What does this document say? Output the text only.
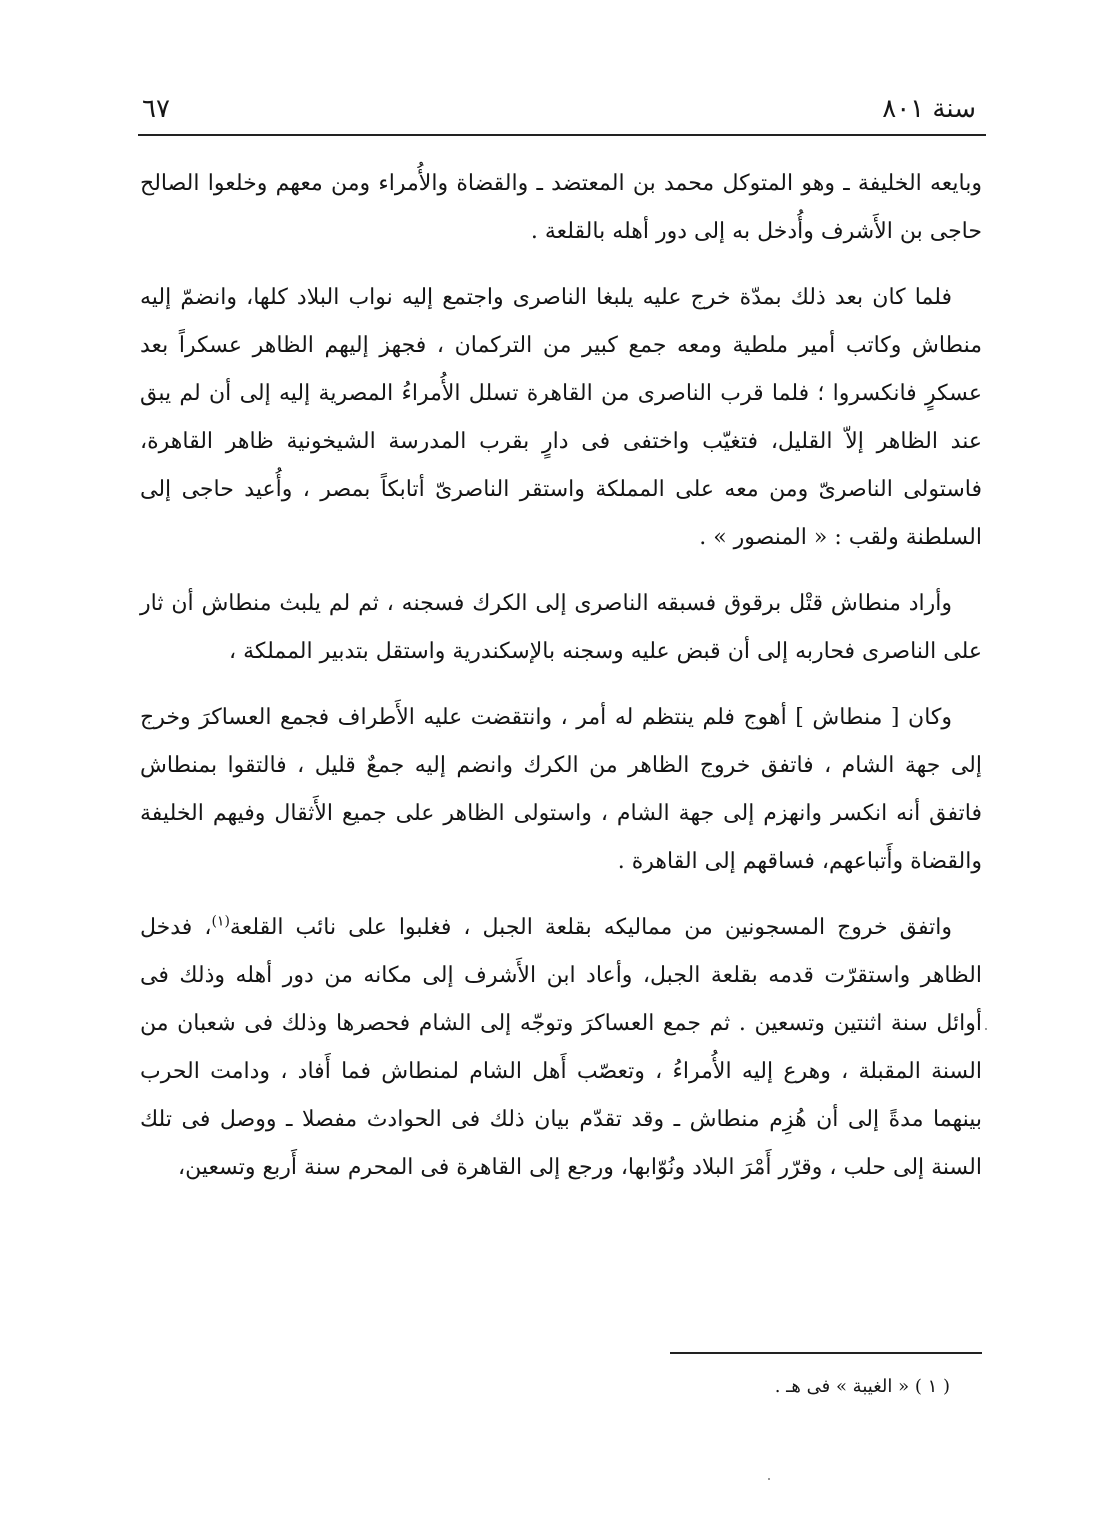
سنة ٨٠١
٦٧

وبايعه الخليفة ـ وهو المتوكل محمد بن المعتضد ـ والقضاة والأُمراء ومن معهم وخلعوا الصالح حاجى بن الأَشرف وأُدخل به إلى دور أهله بالقلعة .

فلما كان بعد ذلك بمدّة خرج عليه يلبغا الناصرى واجتمع إليه نواب البلاد كلها، وانضمّ إليه منطاش وكاتب أمير ملطية ومعه جمع كبير من التركمان ، فجهز إليهم الظاهر عسكراً بعد عسكرٍ فانكسروا ؛ فلما قرب الناصرى من القاهرة تسلل الأُمراءُ المصرية إليه إلى أن لم يبق عند الظاهر إلاّ القليل، فتغيّب واختفى فى دارٍ بقرب المدرسة الشيخونية ظاهر القاهرة، فاستولى الناصرىّ ومن معه على المملكة واستقر الناصرىّ أتابكاً بمصر ، وأُعيد حاجى إلى السلطنة ولقب : « المنصور » .

وأراد منطاش قتْل برقوق فسبقه الناصرى إلى الكرك فسجنه ، ثم لم يلبث منطاش أن ثار على الناصرى فحاربه إلى أن قبض عليه وسجنه بالإسكندرية واستقل بتدبير المملكة ،

وكان [ منطاش ] أهوج فلم ينتظم له أمر ، وانتقضت عليه الأَطراف فجمع العساكرَ وخرج إلى جهة الشام ، فاتفق خروج الظاهر من الكرك وانضم إليه جمعٌ قليل ، فالتقوا بمنطاش فاتفق أنه انكسر وانهزم إلى جهة الشام ، واستولى الظاهر على جميع الأَثقال وفيهم الخليفة والقضاة وأَتباعهم، فساقهم إلى القاهرة .

واتفق خروج المسجونين من مماليكه بقلعة الجبل ، فغلبوا على نائب القلعة$^{(١)}$، فدخل الظاهر واستقرّت قدمه بقلعة الجبل، وأعاد ابن الأَشرف إلى مكانه من دور أهله وذلك فى أوائل سنة اثنتين وتسعين . ثم جمع العساكرَ وتوجّه إلى الشام فحصرها وذلك فى شعبان من السنة المقبلة ، وهرع إليه الأُمراءُ ، وتعصّب أَهل الشام لمنطاش فما أَفاد ، ودامت الحرب بينهما مدةً إلى أن هُزِم منطاش ـ وقد تقدّم بيان ذلك فى الحوادث مفصلا ـ ووصل فى تلك السنة إلى حلب ، وقرّر أَمْرَ البلاد ونُوّابها، ورجع إلى القاهرة فى المحرم سنة أَربع وتسعين،

( ١ ) « الغيبة » فى هـ .
